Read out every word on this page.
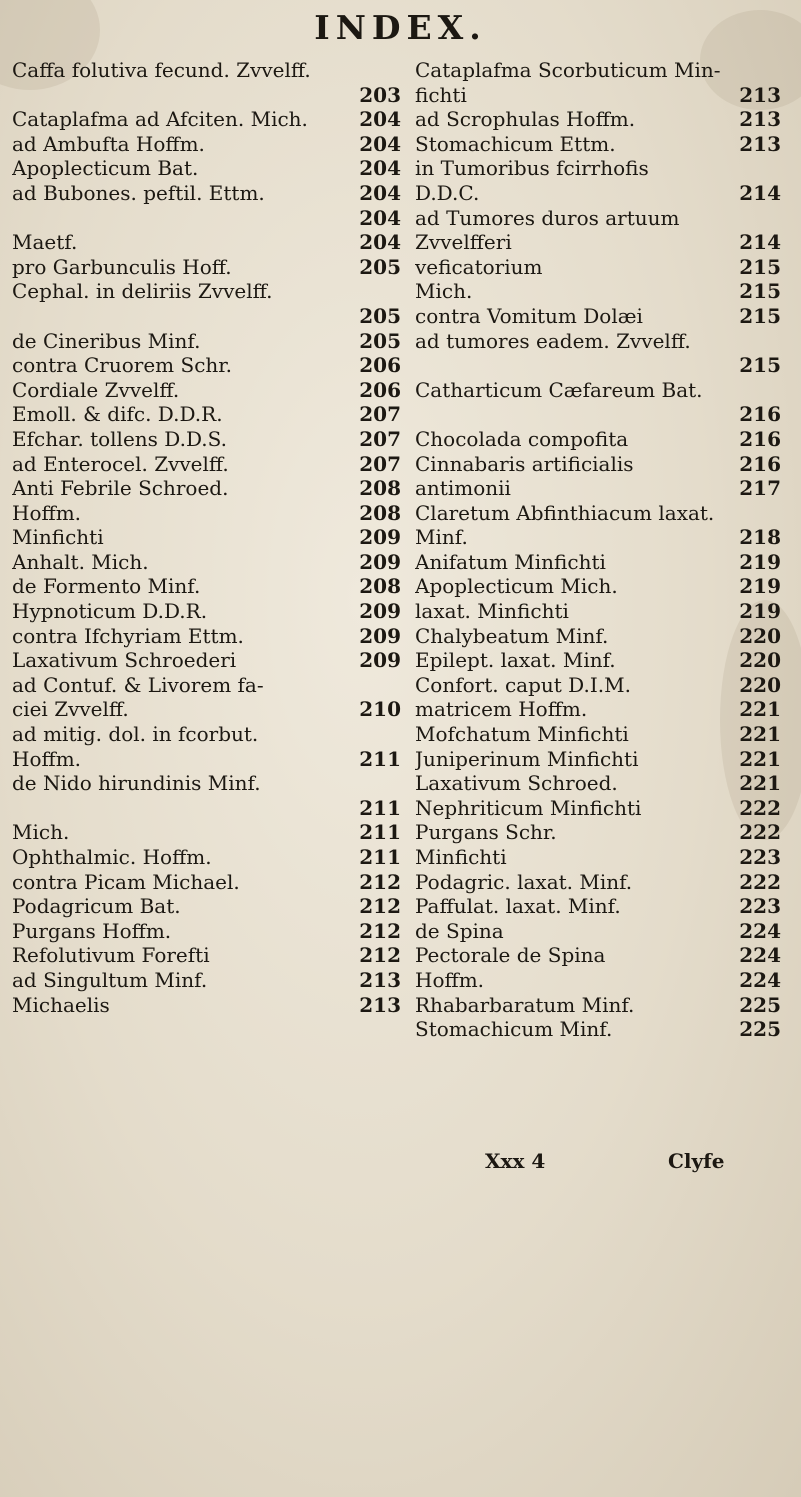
INDEX.
Caffa folutiva fecund. Zvvelff.
203
Cataplafma ad Afciten. Mich.	204
ad Ambufta Hoffm.	204
Apoplecticum Bat.	204
ad Bubones. peftil. Ettm.	204
204
Maetf.	204
pro Garbunculis Hoff.	205
Cephal. in deliriis Zvvelff.
205
de Cineribus Minf.	205
contra Cruorem Schr.	206
Cordiale Zvvelff.	206
Emoll. & difc. D.D.R.	207
Efchar. tollens D.D.S.	207
ad Enterocel. Zvvelff.	207
Anti Febrile Schroed.	208
Hoffm.	208
Minfichti	209
Anhalt. Mich.	209
de Formento Minf.	208
Hypnoticum D.D.R.	209
contra Ifchyriam Ettm.	209
Laxativum Schroederi	209
ad Contuf. & Livorem fa-
ciei Zvvelff.	210
ad mitig. dol. in fcorbut.
Hoffm.	211
de Nido hirundinis Minf.
211
Mich.	211
Ophthalmic. Hoffm.	211
contra Picam Michael.	212
Podagricum Bat.	212
Purgans Hoffm.	212
Refolutivum Forefti	212
ad Singultum Minf.	213
Michaelis	213
Cataplafma Scorbuticum Min-
fichti	213
ad Scrophulas Hoffm.	213
Stomachicum Ettm.	213
in Tumoribus fcirrhofis
D.D.C.	214
ad Tumores duros artuum
Zvvelfferi	214
veficatorium	215
Mich.	215
contra Vomitum Dolæi	215
ad tumores eadem. Zvvelff.
215
Catharticum Cæfareum Bat.
216
Chocolada compofita	216
Cinnabaris artificialis	216
antimonii	217
Claretum Abfinthiacum laxat.
Minf.	218
Anifatum Minfichti	219
Apoplecticum Mich.	219
laxat. Minfichti	219
Chalybeatum Minf.	220
Epilept. laxat. Minf.	220
Confort. caput D.I.M.	220
matricem Hoffm.	221
Mofchatum Minfichti	221
Juniperinum Minfichti	221
Laxativum Schroed.	221
Nephriticum Minfichti	222
Purgans Schr.	222
Minfichti	223
Podagric. laxat. Minf.	222
Paffulat. laxat. Minf.	223
de Spina	224
Pectorale de Spina	224
Hoffm.	224
Rhabarbaratum Minf.	225
Stomachicum Minf.	225
Xxx 4	Clyfe
